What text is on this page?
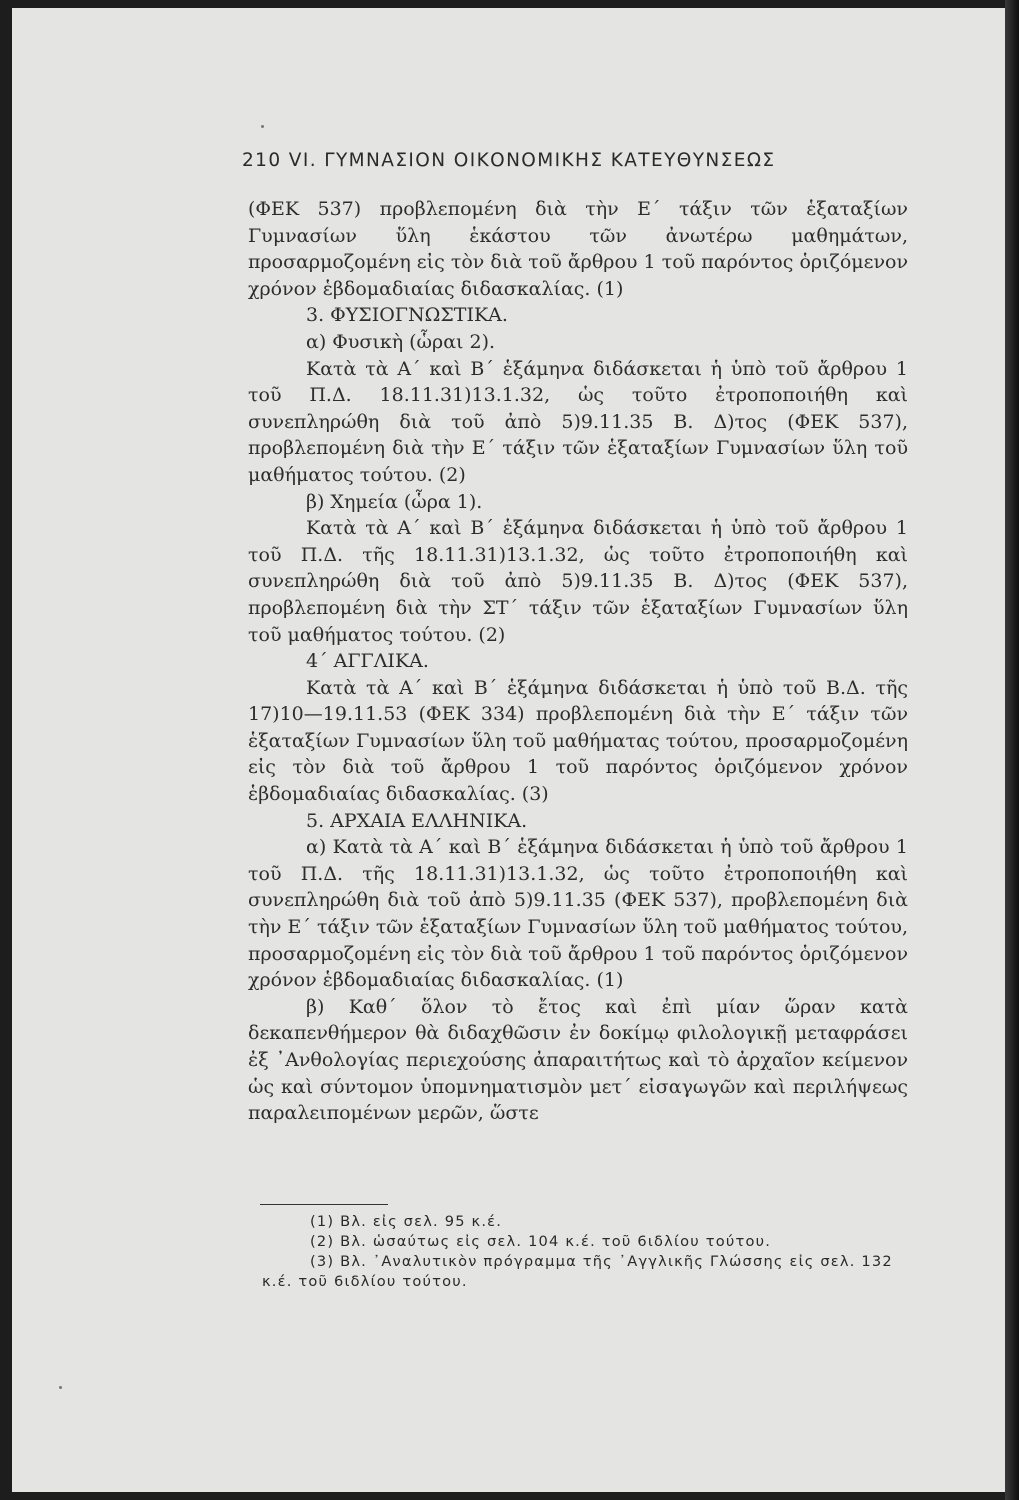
210 VI. ΓΥΜΝΑΣΙΟΝ ΟΙΚΟΝΟΜΙΚΗΣ ΚΑΤΕΥΘΥΝΣΕΩΣ

(ΦΕΚ 537) προβλεπομένη διὰ τὴν Ε΄ τάξιν τῶν ἑξαταξίων Γυμνασίων ὕλη ἑκάστου τῶν ἀνωτέρω μαθημάτων, προσαρμοζομένη εἰς τὸν διὰ τοῦ ἄρθρου 1 τοῦ παρόντος ὁριζόμενον χρόνον ἑβδομαδιαίας διδασκαλίας. (1)

3. ΦΥΣΙΟΓΝΩΣΤΙΚΑ.

α) Φυσικὴ (ὧραι 2).

Κατὰ τὰ Α΄ καὶ Β΄ ἑξάμηνα διδάσκεται ἡ ὑπὸ τοῦ ἄρθρου 1 τοῦ Π.Δ. 18.11.31)13.1.32, ὡς τοῦτο ἐτροποποιήθη καὶ συνεπληρώθη διὰ τοῦ ἀπὸ 5)9.11.35 Β. Δ)τος (ΦΕΚ 537), προβλεπομένη διὰ τὴν Ε΄ τάξιν τῶν ἑξαταξίων Γυμνασίων ὕλη τοῦ μαθήματος τούτου. (2)

β) Χημεία (ὧρα 1).

Κατὰ τὰ Α΄ καὶ Β΄ ἑξάμηνα διδάσκεται ἡ ὑπὸ τοῦ ἄρθρου 1 τοῦ Π.Δ. τῆς 18.11.31)13.1.32, ὡς τοῦτο ἐτροποποιήθη καὶ συνεπληρώθη διὰ τοῦ ἀπὸ 5)9.11.35 Β. Δ)τος (ΦΕΚ 537), προβλεπομένη διὰ τὴν ΣΤ΄ τάξιν τῶν ἑξαταξίων Γυμνασίων ὕλη τοῦ μαθήματος τούτου. (2)

4΄ ΑΓΓΛΙΚΑ.

Κατὰ τὰ Α΄ καὶ Β΄ ἑξάμηνα διδάσκεται ἡ ὑπὸ τοῦ Β.Δ. τῆς 17)10—19.11.53 (ΦΕΚ 334) προβλεπομένη διὰ τὴν Ε΄ τάξιν τῶν ἑξαταξίων Γυμνασίων ὕλη τοῦ μαθήματας τούτου, προσαρμοζομένη εἰς τὸν διὰ τοῦ ἄρθρου 1 τοῦ παρόντος ὁριζόμενον χρόνον ἑβδομαδιαίας διδασκαλίας. (3)

5. ΑΡΧΑΙΑ ΕΛΛΗΝΙΚΑ.

α) Κατὰ τὰ Α΄ καὶ Β΄ ἑξάμηνα διδάσκεται ἡ ὑπὸ τοῦ ἄρθρου 1 τοῦ Π.Δ. τῆς 18.11.31)13.1.32, ὡς τοῦτο ἐτροποποιήθη καὶ συνεπληρώθη διὰ τοῦ ἀπὸ 5)9.11.35 (ΦΕΚ 537), προβλεπομένη διὰ τὴν Ε΄ τάξιν τῶν ἑξαταξίων Γυμνασίων ὕλη τοῦ μαθήματος τούτου, προσαρμοζομένη εἰς τὸν διὰ τοῦ ἄρθρου 1 τοῦ παρόντος ὁριζόμενον χρόνον ἑβδομαδιαίας διδασκαλίας. (1)

β) Καθ΄ ὅλον τὸ ἔτος καὶ ἐπὶ μίαν ὥραν κατὰ δεκαπενθήμερον θὰ διδαχθῶσιν ἐν δοκίμῳ φιλολογικῇ μεταφράσει ἐξ ᾿Ανθολογίας περιεχούσης ἀπαραιτήτως καὶ τὸ ἀρχαῖον κείμενον ὡς καὶ σύντομον ὑπομνηματισμὸν μετ΄ εἰσαγωγῶν καὶ περιλήψεως παραλειπομένων μερῶν, ὥστε

(1) Βλ. εἰς σελ. 95 κ.έ.

(2) Βλ. ὡσαύτως εἰς σελ. 104 κ.έ. τοῦ 6ιδλίου τούτου.

(3) Βλ. ᾿Αναλυτικὸν πρόγραμμα τῆς ᾿Αγγλικῆς Γλώσσης εἰς σελ. 132 κ.έ. τοῦ 6ιδλίου τούτου.
